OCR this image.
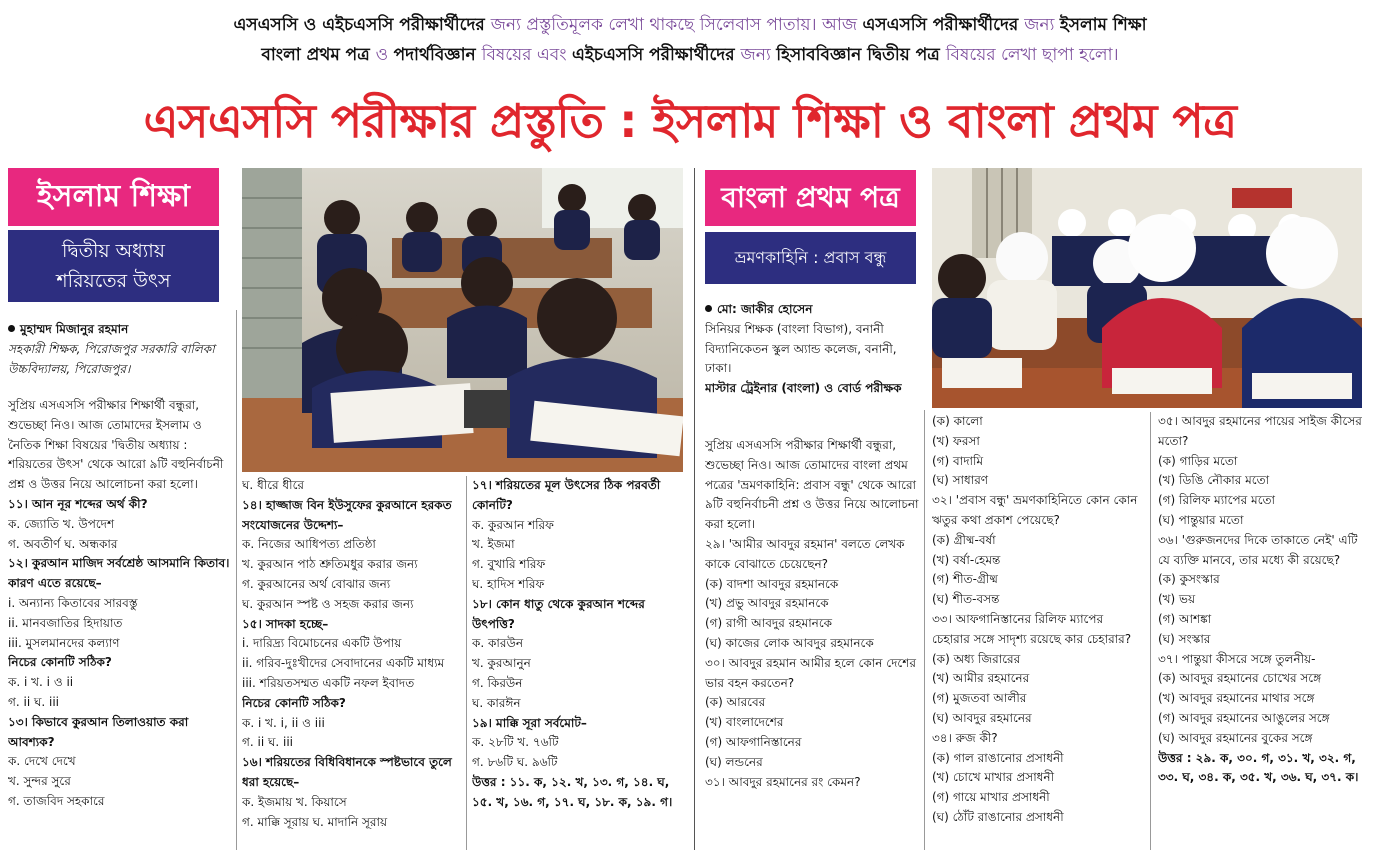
এসএসসি ও এইচএসসি পরীক্ষার্থীদের জন্য প্রস্তুতিমূলক লেখা থাকছে সিলেবাস পাতায়। আজ এসএসসি পরীক্ষার্থীদের জন্য ইসলাম শিক্ষা
বাংলা প্রথম পত্র ও পদার্থবিজ্ঞান বিষয়ের এবং এইচএসসি পরীক্ষার্থীদের জন্য হিসাববিজ্ঞান দ্বিতীয় পত্র বিষয়ের লেখা ছাপা হলো।
এসএসসি পরীক্ষার প্রস্তুতি : ইসলাম শিক্ষা ও বাংলা প্রথম পত্র
ইসলাম শিক্ষা
দ্বিতীয় অধ্যায়
শরিয়তের উৎস

মুহাম্মদ মিজানুর রহমান

সহকারী শিক্ষক, পিরোজপুর সরকারি বালিকা উচ্চবিদ্যালয়, পিরোজপুর।

সুপ্রিয় এসএসসি পরীক্ষার শিক্ষার্থী বন্ধুরা, শুভেচ্ছা নিও। আজ তোমাদের ইসলাম ও নৈতিক শিক্ষা বিষয়ের 'দ্বিতীয় অধ্যায় : শরিয়তের উৎস' থেকে আরো ৯টি বহুনির্বাচনী প্রশ্ন ও উত্তর নিয়ে আলোচনা করা হলো।

১১। আন নূর শব্দের অর্থ কী?

ক. জ্যোতি খ. উপদেশ

গ. অবতীর্ণ ঘ. অন্ধকার

১২। কুরআন মাজিদ সর্বশ্রেষ্ঠ আসমানি কিতাব। কারণ এতে রয়েছে–

i. অন্যান্য কিতাবের সারবস্তু

ii. মানবজাতির হিদায়াত

iii. মুসলমানদের কল্যাণ

নিচের কোনটি সঠিক?

ক. i খ. i ও ii

গ. ii ঘ. iii

১৩। কিভাবে কুরআন তিলাওয়াত করা আবশ্যক?

ক. দেখে দেখে

খ. সুন্দর সুরে

গ. তাজবিদ সহকারে

ঘ. ধীরে ধীরে

১৪। হাজ্জাজ বিন ইউসুফের কুরআনে হরকত সংযোজনের উদ্দেশ্য–

ক. নিজের আধিপত্য প্রতিষ্ঠা

খ. কুরআন পাঠ শ্রুতিমধুর করার জন্য

গ. কুরআনের অর্থ বোঝার জন্য

ঘ. কুরআন স্পষ্ট ও সহজ করার জন্য

১৫। সাদকা হচ্ছে–

i. দারিদ্র্য বিমোচনের একটি উপায়

ii. গরিব-দুঃখীদের সেবাদানের একটি মাধ্যম

iii. শরিয়তসম্মত একটি নফল ইবাদত

নিচের কোনটি সঠিক?

ক. i খ. i, ii ও iii

গ. ii ঘ. iii

১৬। শরিয়তের বিধিবিধানকে স্পষ্টভাবে তুলে ধরা হয়েছে–

ক. ইজমায় খ. কিয়াসে

গ. মাক্কি সূরায় ঘ. মাদানি সূরায়

১৭। শরিয়তের মূল উৎসের ঠিক পরবর্তী কোনটি?

ক. কুরআন শরিফ

খ. ইজমা

গ. বুখারি শরিফ

ঘ. হাদিস শরিফ

১৮। কোন ধাতু থেকে কুরআন শব্দের উৎপত্তি?

ক. কারউন

খ. কুরআনুন

গ. কিরউন

ঘ. কারঈন

১৯। মাক্কি সূরা সর্বমোট–

ক. ২৮টি খ. ৭৬টি

গ. ৮৬টি ঘ. ৯৬টি

উত্তর : ১১. ক, ১২. খ, ১৩. গ, ১৪. ঘ, ১৫. খ, ১৬. গ, ১৭. ঘ, ১৮. ক, ১৯. গ।

বাংলা প্রথম পত্র
ভ্রমণকাহিনি : প্রবাস বন্ধু

মো: জাকীর হোসেন

সিনিয়র শিক্ষক (বাংলা বিভাগ), বনানী বিদ্যানিকেতন স্কুল অ্যান্ড কলেজ, বনানী, ঢাকা।

মাস্টার ট্রেইনার (বাংলা) ও বোর্ড পরীক্ষক

সুপ্রিয় এসএসসি পরীক্ষার শিক্ষার্থী বন্ধুরা, শুভেচ্ছা নিও। আজ তোমাদের বাংলা প্রথম পত্রের 'ভ্রমণকাহিনি: প্রবাস বন্ধু' থেকে আরো ৯টি বহুনির্বাচনী প্রশ্ন ও উত্তর নিয়ে আলোচনা করা হলো।

২৯। 'আমীর আবদুর রহমান' বলতে লেখক কাকে বোঝাতে চেয়েছেন?

(ক) বাদশা আবদুর রহমানকে

(খ) প্রভু আবদুর রহমানকে

(গ) রাগী আবদুর রহমানকে

(ঘ) কাজের লোক আবদুর রহমানকে

৩০। আবদুর রহমান আমীর হলে কোন দেশের ভার বহন করতেন?

(ক) আরবের

(খ) বাংলাদেশের

(গ) আফগানিস্তানের

(ঘ) লন্ডনের

৩১। আবদুর রহমানের রং কেমন?

(ক) কালো

(খ) ফরসা

(গ) বাদামি

(ঘ) সাধারণ

৩২। 'প্রবাস বন্ধু' ভ্রমণকাহিনিতে কোন কোন ঋতুর কথা প্রকাশ পেয়েছে?

(ক) গ্রীষ্ম-বর্ষা

(খ) বর্ষা-হেমন্ত

(গ) শীত-গ্রীষ্ম

(ঘ) শীত-বসন্ত

৩৩। আফগানিস্তানের রিলিফ ম্যাপের চেহারার সঙ্গে সাদৃশ্য রয়েছে কার চেহারার?

(ক) অধ্য জিরারের

(খ) আমীর রহমানের

(গ) মুজতবা আলীর

(ঘ) আবদুর রহমানের

৩৪। রুজ কী?

(ক) গাল রাঙানোর প্রসাধনী

(খ) চোখে মাখার প্রসাধনী

(গ) গায়ে মাখার প্রসাধনী

(ঘ) ঠোঁট রাঙানোর প্রসাধনী

৩৫। আবদুর রহমানের পায়ের সাইজ কীসের মতো?

(ক) গাড়ির মতো

(খ) ডিঙি নৌকার মতো

(গ) রিলিফ ম্যাপের মতো

(ঘ) পান্তুয়ার মতো

৩৬। 'গুরুজনদের দিকে তাকাতে নেই' এটি যে ব্যক্তি মানবে, তার মধ্যে কী রয়েছে?

(ক) কুসংস্কার

(খ) ভয়

(গ) আশঙ্কা

(ঘ) সংস্কার

৩৭। পান্তুয়া কীসরে সঙ্গে তুলনীয়-

(ক) আবদুর রহমানের চোখের সঙ্গে

(খ) আবদুর রহমানের মাথার সঙ্গে

(গ) আবদুর রহমানের আঙুলের সঙ্গে

(ঘ) আবদুর রহমানের বুকের সঙ্গে

উত্তর : ২৯. ক, ৩০. গ, ৩১. খ, ৩২. গ, ৩৩. ঘ, ৩৪. ক, ৩৫. খ, ৩৬. ঘ, ৩৭. ক।
